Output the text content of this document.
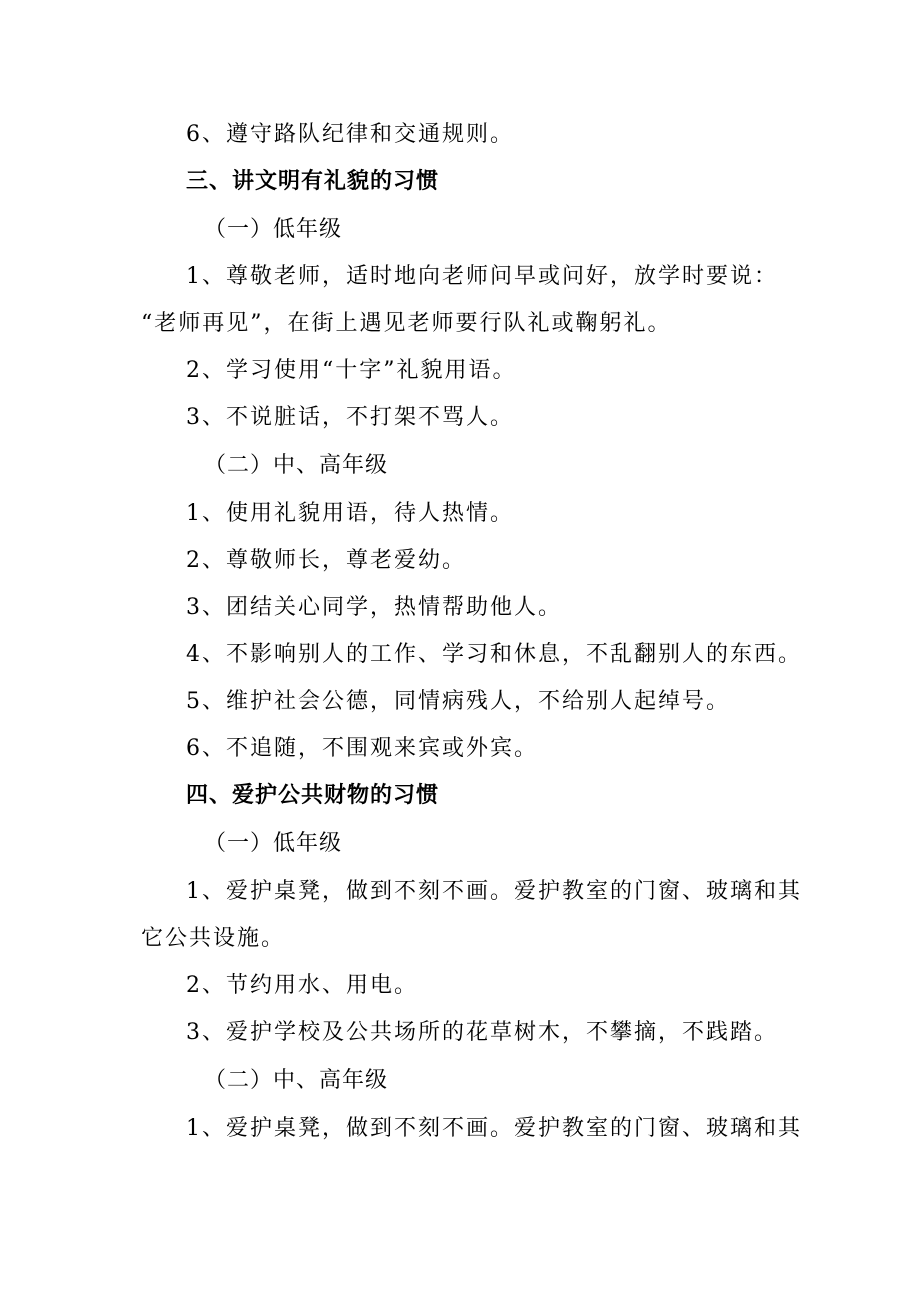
6、遵守路队纪律和交通规则。
三、讲文明有礼貌的习惯
（一）低年级
1、尊敬老师，适时地向老师问早或问好，放学时要说：
“老师再见”，在街上遇见老师要行队礼或鞠躬礼。
2、学习使用“十字”礼貌用语。
3、不说脏话，不打架不骂人。
（二）中、高年级
1、使用礼貌用语，待人热情。
2、尊敬师长，尊老爱幼。
3、团结关心同学，热情帮助他人。
4、不影响别人的工作、学习和休息，不乱翻别人的东西。
5、维护社会公德，同情病残人，不给别人起绰号。
6、不追随，不围观来宾或外宾。
四、爱护公共财物的习惯
（一）低年级
1、爱护桌凳，做到不刻不画。爱护教室的门窗、玻璃和其
它公共设施。
2、节约用水、用电。
3、爱护学校及公共场所的花草树木，不攀摘，不践踏。
（二）中、高年级
1、爱护桌凳，做到不刻不画。爱护教室的门窗、玻璃和其
